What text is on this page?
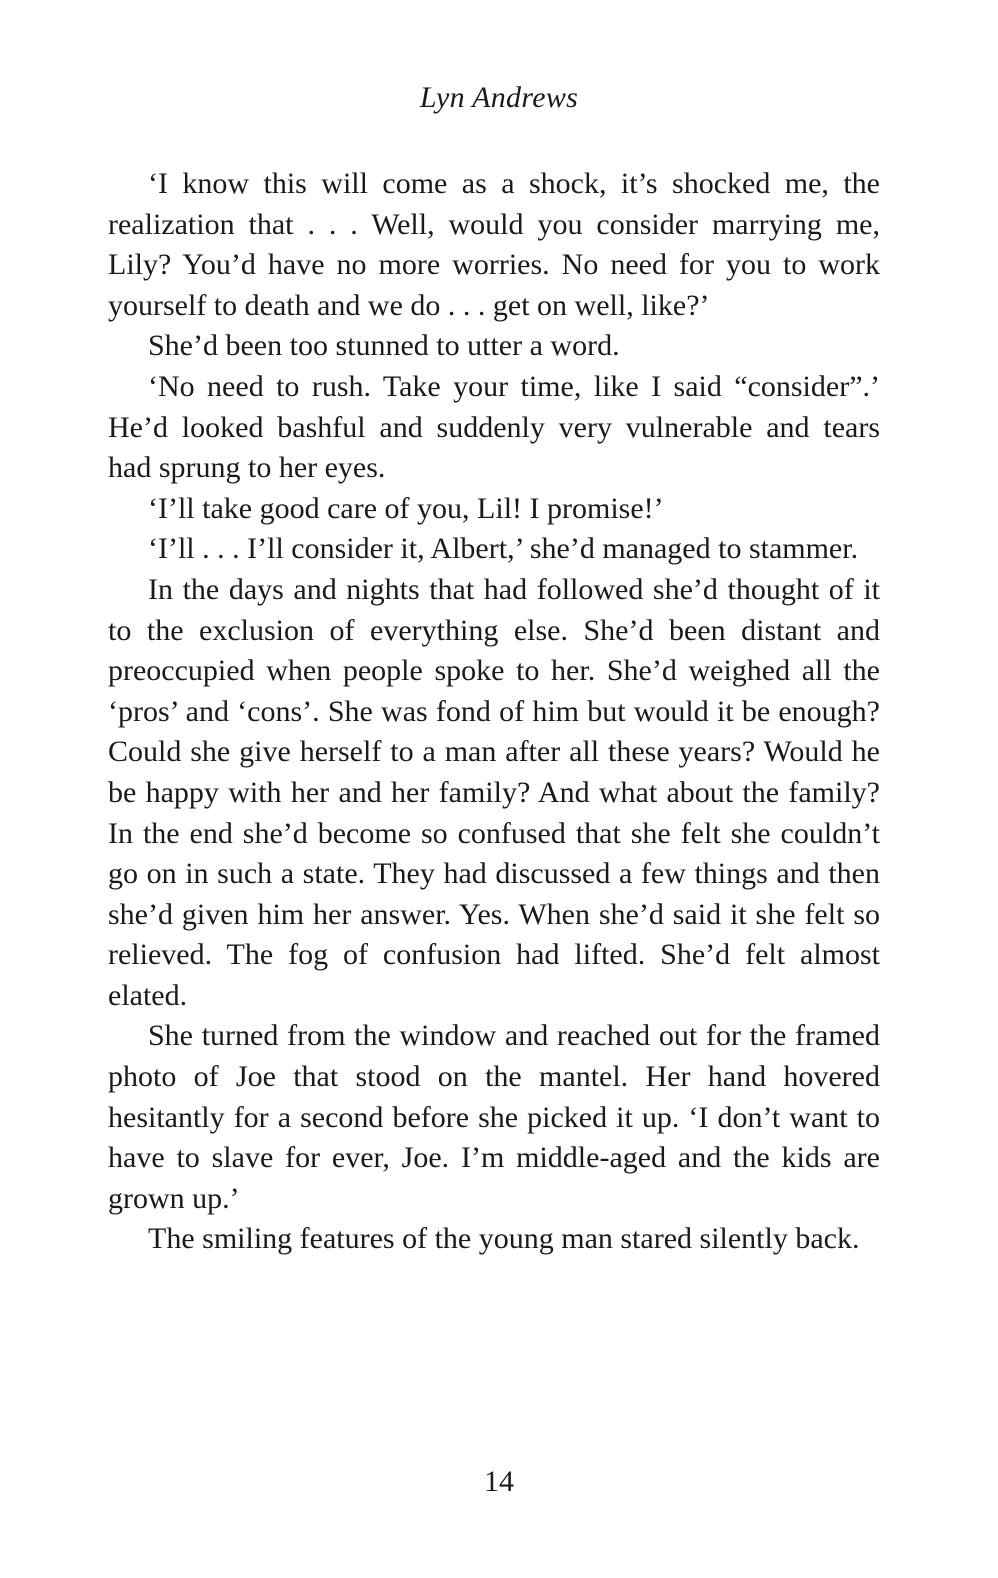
Lyn Andrews

‘I know this will come as a shock, it’s shocked me, the realization that . . . Well, would you consider marrying me, Lily? You’d have no more worries. No need for you to work yourself to death and we do . . . get on well, like?’

She’d been too stunned to utter a word.

‘No need to rush. Take your time, like I said “consider”.’ He’d looked bashful and suddenly very vulnerable and tears had sprung to her eyes.

‘I’ll take good care of you, Lil! I promise!’

‘I’ll . . . I’ll consider it, Albert,’ she’d managed to stammer.

In the days and nights that had followed she’d thought of it to the exclusion of everything else. She’d been distant and preoccupied when people spoke to her. She’d weighed all the ‘pros’ and ‘cons’. She was fond of him but would it be enough? Could she give herself to a man after all these years? Would he be happy with her and her family? And what about the family? In the end she’d become so confused that she felt she couldn’t go on in such a state. They had discussed a few things and then she’d given him her answer. Yes. When she’d said it she felt so relieved. The fog of confusion had lifted. She’d felt almost elated.

She turned from the window and reached out for the framed photo of Joe that stood on the mantel. Her hand hovered hesitantly for a second before she picked it up. ‘I don’t want to have to slave for ever, Joe. I’m middle-aged and the kids are grown up.’

The smiling features of the young man stared silently back.

14
